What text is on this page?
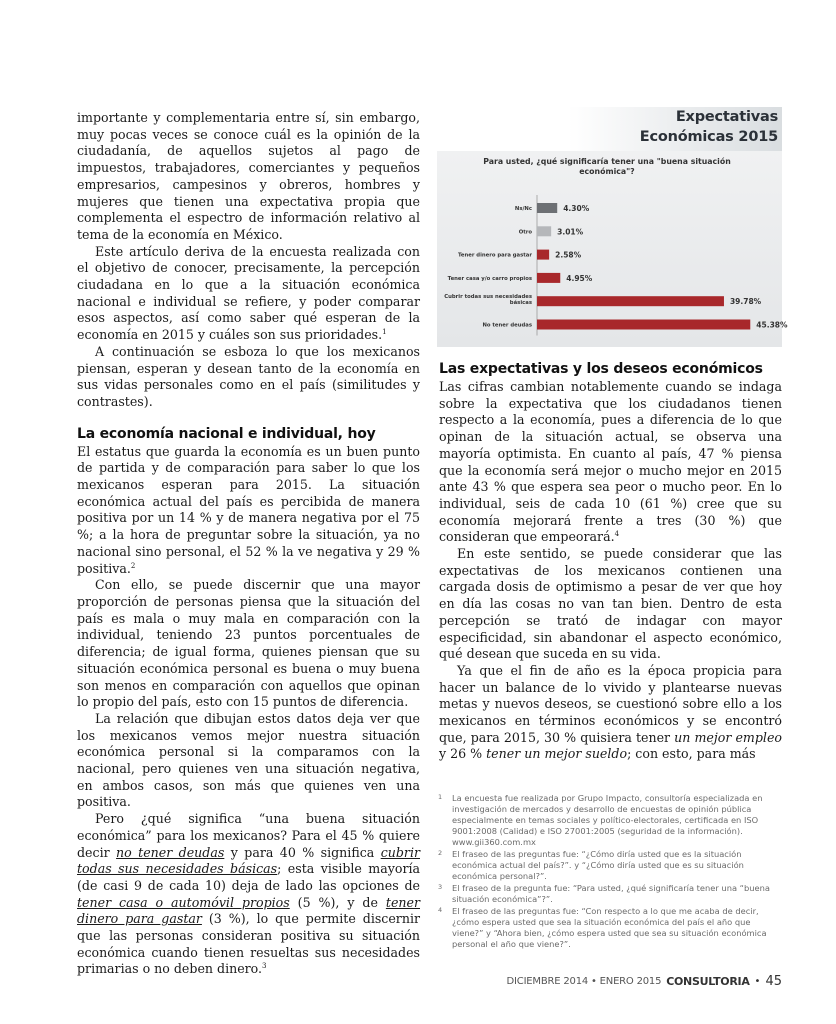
importante y complementaria entre sí, sin embargo, muy pocas veces se conoce cuál es la opinión de la ciudadanía, de aquellos sujetos al pago de impuestos, trabajadores, comerciantes y pequeños empresarios, campesinos y obreros, hombres y mujeres que tienen una expectativa propia que complementa el espectro de información relativo al tema de la economía en México.

Este artículo deriva de la encuesta realizada con el objetivo de conocer, precisamente, la percepción ciudadana en lo que a la situación económica nacional e individual se refiere, y poder comparar esos aspectos, así como saber qué esperan de la economía en 2015 y cuáles son sus prioridades.$^1$

A continuación se esboza lo que los mexicanos piensan, esperan y desean tanto de la economía en sus vidas personales como en el país (similitudes y contrastes).

La economía nacional e individual, hoy

El estatus que guarda la economía es un buen punto de partida y de comparación para saber lo que los mexicanos esperan para 2015. La situación económica actual del país es percibida de manera positiva por un 14 % y de manera negativa por el 75 %; a la hora de preguntar sobre la situación, ya no nacional sino personal, el 52 % la ve negativa y 29 % positiva.$^2$

Con ello, se puede discernir que una mayor proporción de personas piensa que la situación del país es mala o muy mala en comparación con la individual, teniendo 23 puntos porcentuales de diferencia; de igual forma, quienes piensan que su situación económica personal es buena o muy buena son menos en comparación con aquellos que opinan lo propio del país, esto con 15 puntos de diferencia.

La relación que dibujan estos datos deja ver que los mexicanos vemos mejor nuestra situación económica personal si la comparamos con la nacional, pero quienes ven una situación negativa, en ambos casos, son más que quienes ven una positiva.

Pero ¿qué significa “una buena situación económica” para los mexicanos? Para el 45 % quiere decir no tener deudas y para 40 % significa cubrir todas sus necesidades básicas; esta visible mayoría (de casi 9 de cada 10) deja de lado las opciones de tener casa o automóvil propios (5 %), y de tener dinero para gastar (3 %), lo que permite discernir que las personas consideran positiva su situación económica cuando tienen resueltas sus necesidades primarias o no deben dinero.$^3$

Expectativas
Económicas 2015
Para usted, ¿qué significaría tener una "buena situación económica"?
Ns/Nc	4.30%
Otro	3.01%
Tener dinero para gastar	2.58%
Tener casa y/o carro propios	4.95%
Cubrir todas sus necesidades básicas	39.78%
No tener deudas	45.38%
Las expectativas y los deseos económicos

Las cifras cambian notablemente cuando se indaga sobre la expectativa que los ciudadanos tienen respecto a la economía, pues a diferencia de lo que opinan de la situación actual, se observa una mayoría optimista. En cuanto al país, 47 % piensa que la economía será mejor o mucho mejor en 2015 ante 43 % que espera sea peor o mucho peor. En lo individual, seis de cada 10 (61 %) cree que su economía mejorará frente a tres (30 %) que consideran que empeorará.$^4$

En este sentido, se puede considerar que las expectativas de los mexicanos contienen una cargada dosis de optimismo a pesar de ver que hoy en día las cosas no van tan bien. Dentro de esta percepción se trató de indagar con mayor especificidad, sin abandonar el aspecto económico, qué desean que suceda en su vida.

Ya que el fin de año es la época propicia para hacer un balance de lo vivido y plantearse nuevas metas y nuevos deseos, se cuestionó sobre ello a los mexicanos en términos económicos y se encontró que, para 2015, 30 % quisiera tener un mejor empleo y 26 % tener un mejor sueldo; con esto, para más

1 La encuesta fue realizada por Grupo Impacto, consultoría especializada en investigación de mercados y desarrollo de encuestas de opinión pública especialmente en temas sociales y político-electorales, certificada en ISO 9001:2008 (Calidad) e ISO 27001:2005 (seguridad de la información). www.gii360.com.mx
2 El fraseo de las preguntas fue: “¿Cómo diría usted que es la situación económica actual del país?”. y “¿Cómo diría usted que es su situación económica personal?”.
3 El fraseo de la pregunta fue: “Para usted, ¿qué significaría tener una “buena situación económica”?”.
4 El fraseo de las preguntas fue: “Con respecto a lo que me acaba de decir, ¿cómo espera usted que sea la situación económica del país el año que viene?” y “Ahora bien, ¿cómo espera usted que sea su situación económica personal el año que viene?”.
DICIEMBRE 2014 • ENERO 2015 CONSULTORIA • 45
